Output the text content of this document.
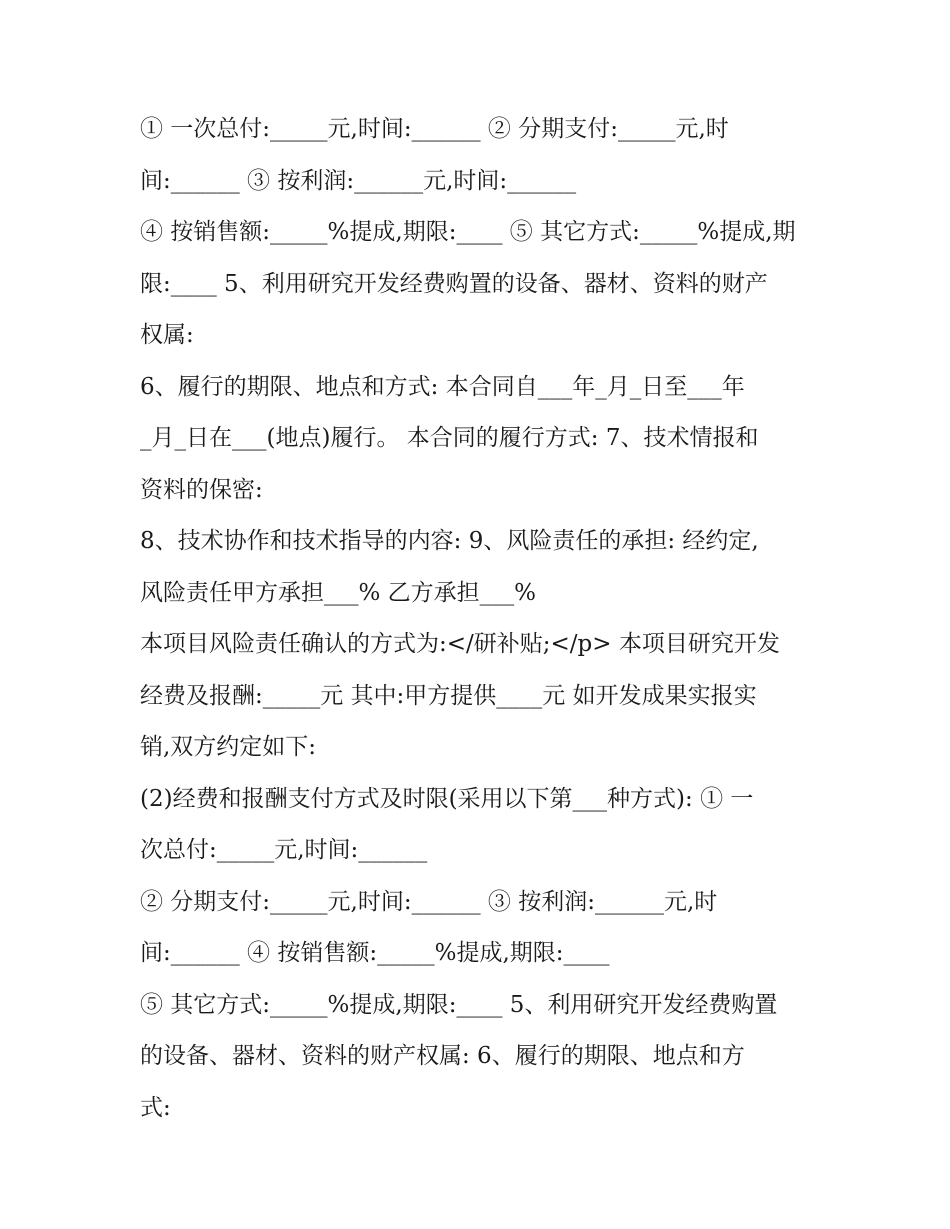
① 一次总付:_____元,时间:______ ② 分期支付:_____元,时
间:______ ③ 按利润:______元,时间:______
④ 按销售额:_____%提成,期限:____ ⑤ 其它方式:_____%提成,期
限:____ 5、利用研究开发经费购置的设备、器材、资料的财产
权属:
6、履行的期限、地点和方式: 本合同自___年_月_日至___年
_月_日在___(地点)履行。 本合同的履行方式: 7、技术情报和
资料的保密:
8、技术协作和技术指导的内容: 9、风险责任的承担: 经约定,
风险责任甲方承担___% 乙方承担___%
本项目风险责任确认的方式为:</研补贴;</p> 本项目研究开发
经费及报酬:_____元 其中:甲方提供____元 如开发成果实报实
销,双方约定如下:
(2)经费和报酬支付方式及时限(采用以下第___种方式): ① 一
次总付:_____元,时间:______
② 分期支付:_____元,时间:______ ③ 按利润:______元,时
间:______ ④ 按销售额:_____%提成,期限:____
⑤ 其它方式:_____%提成,期限:____ 5、利用研究开发经费购置
的设备、器材、资料的财产权属: 6、履行的期限、地点和方
式:
